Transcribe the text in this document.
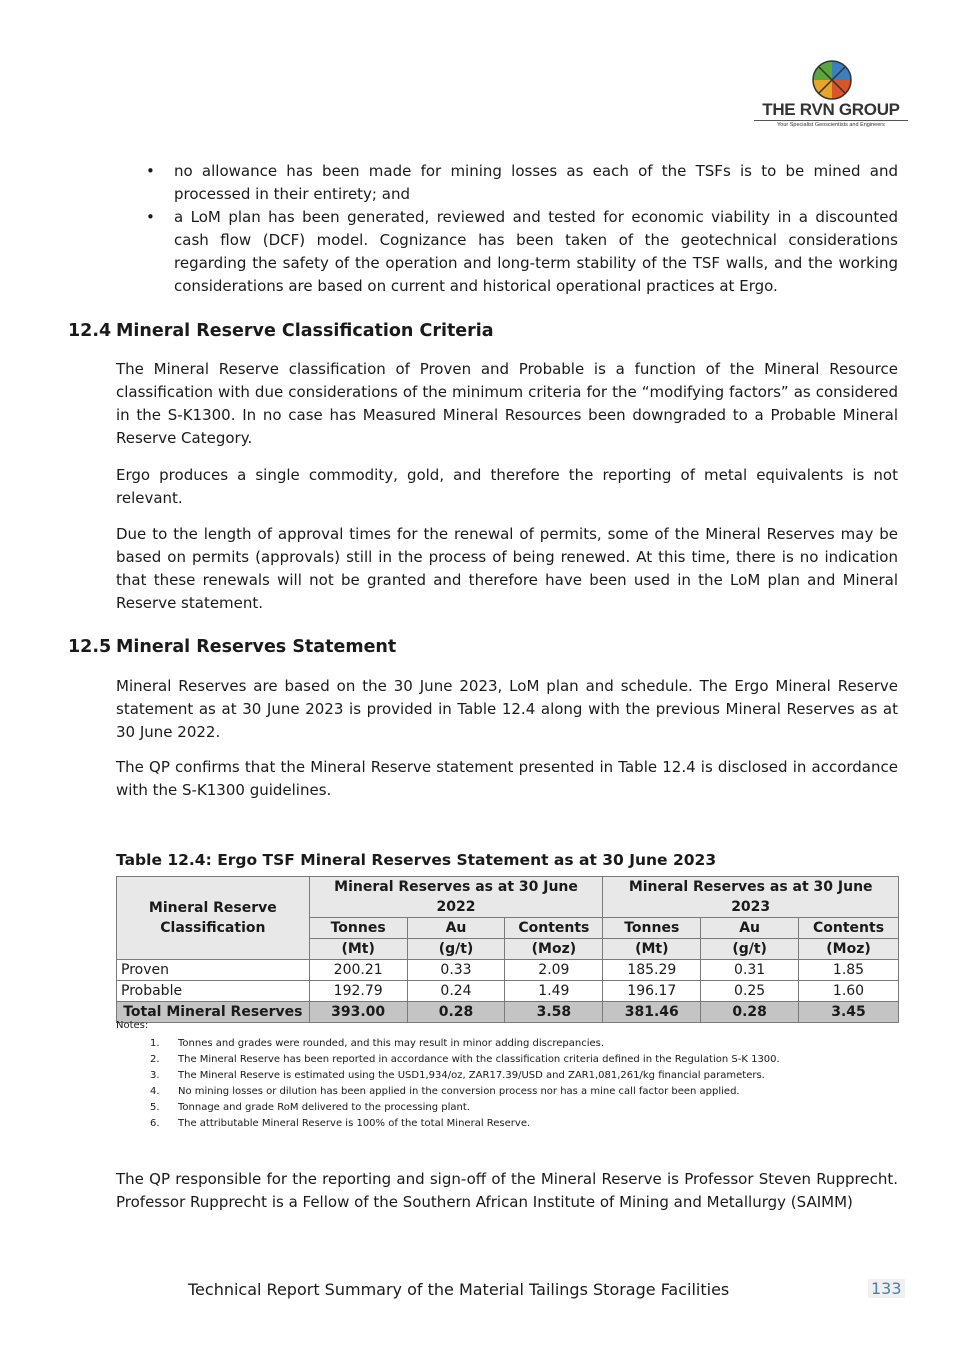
THE RVN GROUP
Your Specialist Geoscientists and Engineers
• no allowance has been made for mining losses as each of the TSFs is to be mined and processed in their entirety; and
• a LoM plan has been generated, reviewed and tested for economic viability in a discounted cash flow (DCF) model. Cognizance has been taken of the geotechnical considerations regarding the safety of the operation and long-term stability of the TSF walls, and the working considerations are based on current and historical operational practices at Ergo.
12.4 Mineral Reserve Classification Criteria

The Mineral Reserve classification of Proven and Probable is a function of the Mineral Resource classification with due considerations of the minimum criteria for the “modifying factors” as considered in the S-K1300. In no case has Measured Mineral Resources been downgraded to a Probable Mineral Reserve Category.

Ergo produces a single commodity, gold, and therefore the reporting of metal equivalents is not relevant.

Due to the length of approval times for the renewal of permits, some of the Mineral Reserves may be based on permits (approvals) still in the process of being renewed. At this time, there is no indication that these renewals will not be granted and therefore have been used in the LoM plan and Mineral Reserve statement.

12.5 Mineral Reserves Statement

Mineral Reserves are based on the 30 June 2023, LoM plan and schedule. The Ergo Mineral Reserve statement as at 30 June 2023 is provided in Table 12.4 along with the previous Mineral Reserves as at 30 June 2022.

The QP confirms that the Mineral Reserve statement presented in Table 12.4 is disclosed in accordance with the S-K1300 guidelines.

Table 12.4: Ergo TSF Mineral Reserves Statement as at 30 June 2023
Mineral Reserve Classification	Mineral Reserves as at 30 June 2022			Mineral Reserves as at 30 June 2023		
	Tonnes	Au	Contents	Tonnes	Au	Contents
	(Mt)	(g/t)	(Moz)	(Mt)	(g/t)	(Moz)
Proven	200.21	0.33	2.09	185.29	0.31	1.85
Probable	192.79	0.24	1.49	196.17	0.25	1.60
Total Mineral Reserves	393.00	0.28	3.58	381.46	0.28	3.45
Notes:
1. Tonnes and grades were rounded, and this may result in minor adding discrepancies.
2. The Mineral Reserve has been reported in accordance with the classification criteria defined in the Regulation S-K 1300.
3. The Mineral Reserve is estimated using the USD1,934/oz, ZAR17.39/USD and ZAR1,081,261/kg financial parameters.
4. No mining losses or dilution has been applied in the conversion process nor has a mine call factor been applied.
5. Tonnage and grade RoM delivered to the processing plant.
6. The attributable Mineral Reserve is 100% of the total Mineral Reserve.

The QP responsible for the reporting and sign-off of the Mineral Reserve is Professor Steven Rupprecht. Professor Rupprecht is a Fellow of the Southern African Institute of Mining and Metallurgy (SAIMM)

Technical Report Summary of the Material Tailings Storage Facilities	133
